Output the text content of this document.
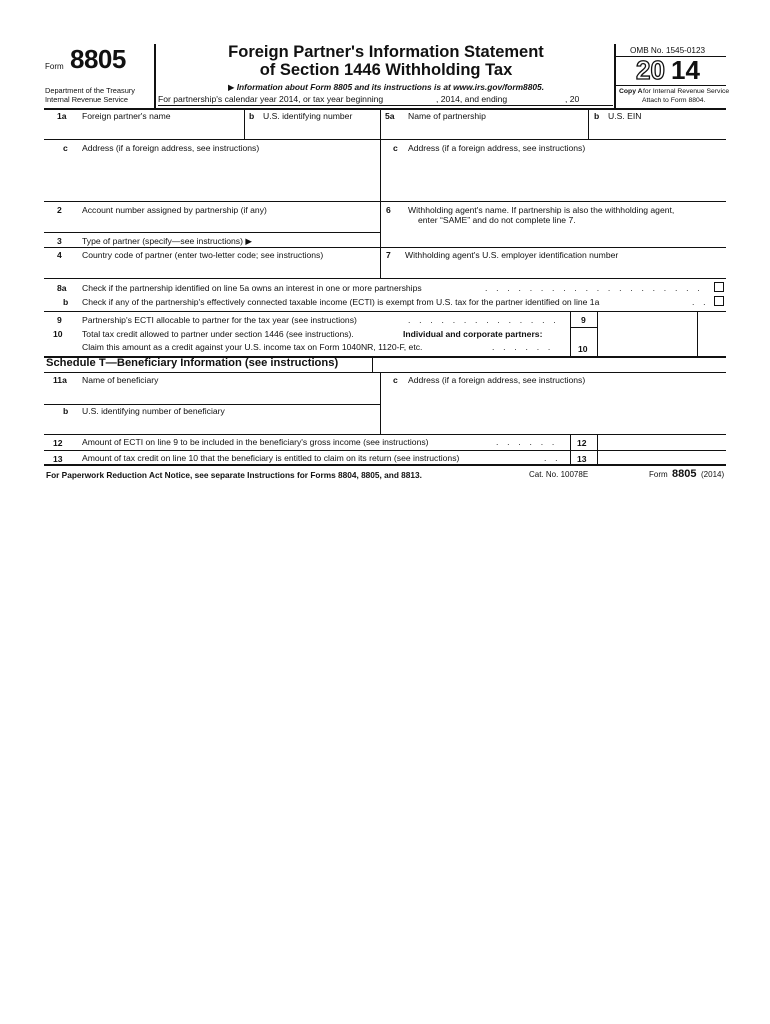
Form 8805
Department of the Treasury
Internal Revenue Service
Foreign Partner's Information Statement
of Section 1446 Withholding Tax
▶ Information about Form 8805 and its instructions is at www.irs.gov/form8805.
For partnership's calendar year 2014, or tax year beginning	, 2014, and ending	, 20
OMB No. 1545-0123
20 14
Copy A for Internal Revenue Service
Attach to Form 8804.
1a Foreign partner's name	b U.S. identifying number	5a Name of partnership	b U.S. EIN
c Address (if a foreign address, see instructions)	c Address (if a foreign address, see instructions)
2 Account number assigned by partnership (if any)	6 Withholding agent's name. If partnership is also the withholding agent,
enter “SAME” and do not complete line 7.
3 Type of partner (specify—see instructions) ▶
4 Country code of partner (enter two-letter code; see instructions)	7 Withholding agent's U.S. employer identification number
8a Check if the partnership identified on line 5a owns an interest in one or more partnerships	. . . . . . . . . . . . . . . . . . . .
b Check if any of the partnership's effectively connected taxable income (ECTI) is exempt from U.S. tax for the partner identified on line 1a	. .
9 Partnership's ECTI allocable to partner for the tax year (see instructions)	. . . . . . . . . . . . . .	9
10 Total tax credit allowed to partner under section 1446 (see instructions).	Individual and corporate partners:
Claim this amount as a credit against your U.S. income tax on Form 1040NR, 1120-F, etc.	. . . . . .	10
Schedule T—Beneficiary Information (see instructions)
11a Name of beneficiary
b U.S. identifying number of beneficiary
c Address (if a foreign address, see instructions)
12 Amount of ECTI on line 9 to be included in the beneficiary's gross income (see instructions)	. . . . . .	12
13 Amount of tax credit on line 10 that the beneficiary is entitled to claim on its return (see instructions)	. .	13
For Paperwork Reduction Act Notice, see separate Instructions for Forms 8804, 8805, and 8813.	Cat. No. 10078E	Form 8805 (2014)
